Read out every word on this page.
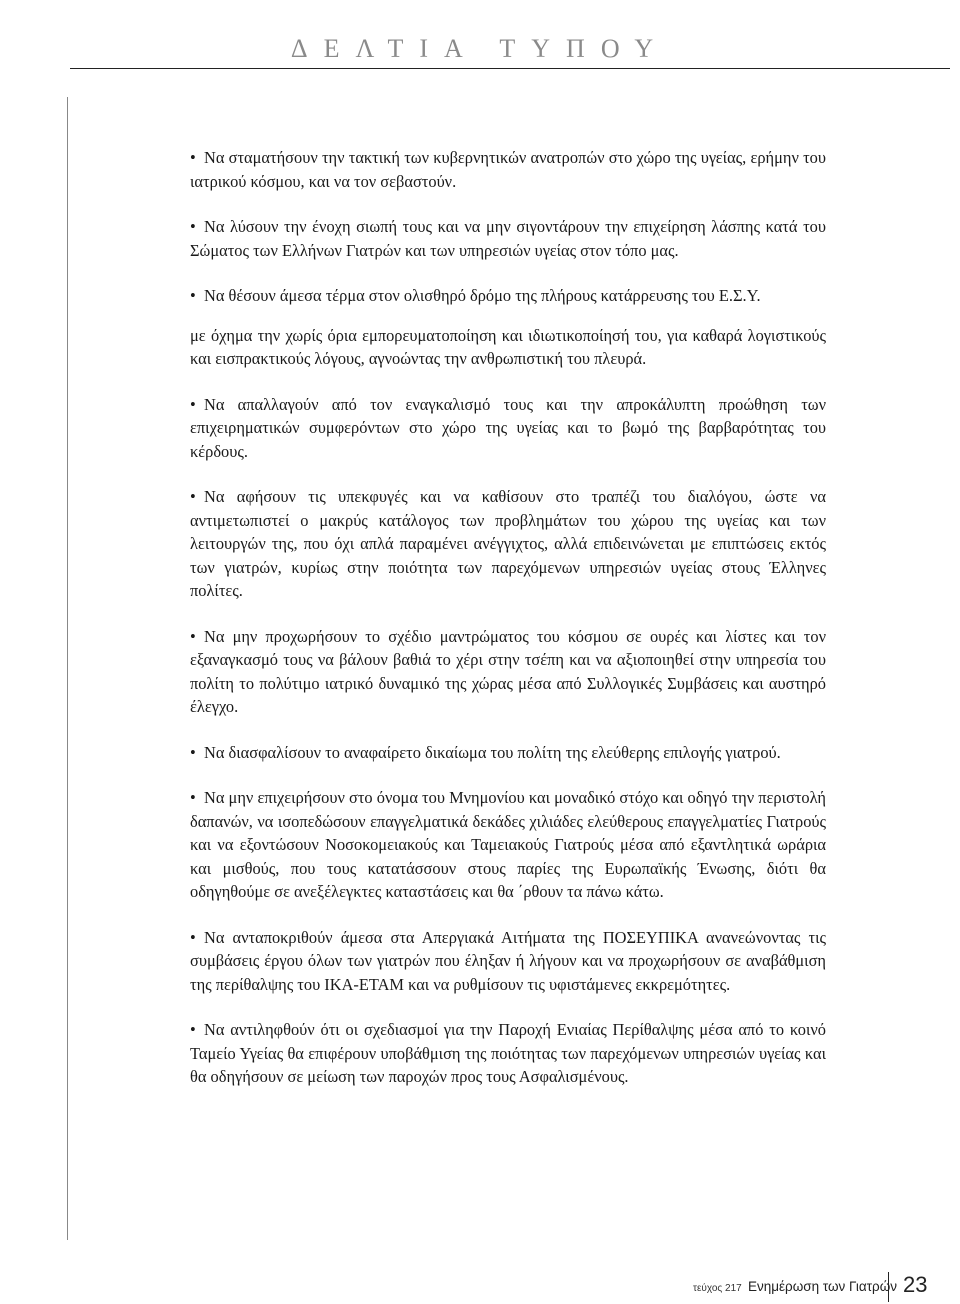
ΔΕΛΤΙΑ ΤΥΠΟΥ

• Να σταματήσουν την τακτική των κυβερνητικών ανατροπών στο χώρο της υγείας, ερήμην του ιατρικού κόσμου, και να τον σεβαστούν.

• Να λύσουν την ένοχη σιωπή τους και να μην σιγοντάρουν την επιχείρηση λάσπης κατά του Σώματος των Ελλήνων Γιατρών και των υπηρεσιών υγείας στον τόπο μας.

• Να θέσουν άμεσα τέρμα στον ολισθηρό δρόμο της πλήρους κατάρρευσης του Ε.Σ.Υ.

με όχημα την χωρίς όρια εμπορευματοποίηση και ιδιωτικοποίησή του, για καθαρά λογιστικούς και εισπρακτικούς λόγους, αγνοώντας την ανθρωπιστική του πλευρά.

• Να απαλλαγούν από τον εναγκαλισμό τους και την απροκάλυπτη προώθηση των επιχειρηματικών συμφερόντων στο χώρο της υγείας και το βωμό της βαρβαρότητας του κέρδους.

• Να αφήσουν τις υπεκφυγές και να καθίσουν στο τραπέζι του διαλόγου, ώστε να αντιμετωπιστεί ο μακρύς κατάλογος των προβλημάτων του χώρου της υγείας και των λειτουργών της, που όχι απλά παραμένει ανέγγιχτος, αλλά επιδεινώνεται με επιπτώσεις εκτός των γιατρών, κυρίως στην ποιότητα των παρεχόμενων υπηρεσιών υγείας στους Έλληνες πολίτες.

• Να μην προχωρήσουν το σχέδιο μαντρώματος του κόσμου σε ουρές και λίστες και τον εξαναγκασμό τους να βάλουν βαθιά το χέρι στην τσέπη και να αξιοποιηθεί στην υπηρεσία του πολίτη το πολύτιμο ιατρικό δυναμικό της χώρας μέσα από Συλλογικές Συμβάσεις και αυστηρό έλεγχο.

• Να διασφαλίσουν το αναφαίρετο δικαίωμα του πολίτη της ελεύθερης επιλογής γιατρού.

• Να μην επιχειρήσουν στο όνομα του Μνημονίου και μοναδικό στόχο και οδηγό την περιστολή δαπανών, να ισοπεδώσουν επαγγελματικά δεκάδες χιλιάδες ελεύθερους επαγγελματίες Γιατρούς και να εξοντώσουν Νοσοκομειακούς και Ταμειακούς Γιατρούς μέσα από εξαντλητικά ωράρια και μισθούς, που τους κατατάσσουν στους παρίες της Ευρωπαϊκής Ένωσης, διότι θα οδηγηθούμε σε ανεξέλεγκτες καταστάσεις και θα ΄ρθουν τα πάνω κάτω.

• Να ανταποκριθούν άμεσα στα Απεργιακά Αιτήματα της ΠΟΣΕΥΠΙΚΑ ανανεώνοντας τις συμβάσεις έργου όλων των γιατρών που έληξαν ή λήγουν και να προχωρήσουν σε αναβάθμιση της περίθαλψης του ΙΚΑ-ΕΤΑΜ και να ρυθμίσουν τις υφιστάμενες εκκρεμότητες.

• Να αντιληφθούν ότι οι σχεδιασμοί για την Παροχή Ενιαίας Περίθαλψης μέσα από το κοινό Ταμείο Υγείας θα επιφέρουν υποβάθμιση της ποιότητας των παρεχόμενων υπηρεσιών υγείας και θα οδηγήσουν σε μείωση των παροχών προς τους Ασφαλισμένους.

τεύχος 217 Ενημέρωση των Γιατρών 23
